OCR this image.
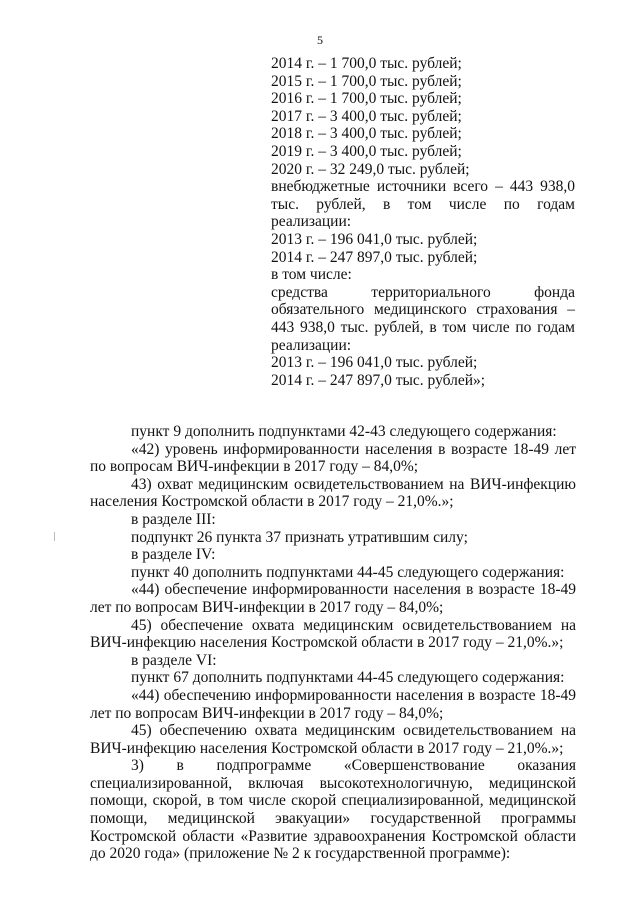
5
2014 г. – 1 700,0 тыс. рублей;
2015 г. – 1 700,0 тыс. рублей;
2016 г. – 1 700,0 тыс. рублей;
2017 г. – 3 400,0 тыс. рублей;
2018 г. – 3 400,0 тыс. рублей;
2019 г. – 3 400,0 тыс. рублей;
2020 г. – 32 249,0 тыс. рублей;
внебюджетные источники всего – 443 938,0 тыс. рублей, в том числе по годам реализации:
2013 г. – 196 041,0 тыс. рублей;
2014 г. – 247 897,0 тыс. рублей;
в том числе:
средства территориального фонда обязательного медицинского страхования – 443 938,0 тыс. рублей, в том числе по годам реализации:
2013 г. – 196 041,0 тыс. рублей;
2014 г. – 247 897,0 тыс. рублей»;
пункт 9 дополнить подпунктами 42-43 следующего содержания:
«42) уровень информированности населения в возрасте 18-49 лет по вопросам ВИЧ-инфекции в 2017 году – 84,0%;
43) охват медицинским освидетельствованием на ВИЧ-инфекцию населения Костромской области в 2017 году – 21,0%.»;
в разделе III:
подпункт 26 пункта 37 признать утратившим силу;
в разделе IV:
пункт 40 дополнить подпунктами 44-45 следующего содержания:
«44) обеспечение информированности населения в возрасте 18-49 лет по вопросам ВИЧ-инфекции в 2017 году – 84,0%;
45) обеспечение охвата медицинским освидетельствованием на ВИЧ-инфекцию населения Костромской области в 2017 году – 21,0%.»;
в разделе VI:
пункт 67 дополнить подпунктами 44-45 следующего содержания:
«44) обеспечению информированности населения в возрасте 18-49 лет по вопросам ВИЧ-инфекции в 2017 году – 84,0%;
45) обеспечению охвата медицинским освидетельствованием на ВИЧ-инфекцию населения Костромской области в 2017 году – 21,0%.»;
3) в подпрограмме «Совершенствование оказания специализированной, включая высокотехнологичную, медицинской помощи, скорой, в том числе скорой специализированной, медицинской помощи, медицинской эвакуации» государственной программы Костромской области «Развитие здравоохранения Костромской области до 2020 года» (приложение № 2 к государственной программе):
